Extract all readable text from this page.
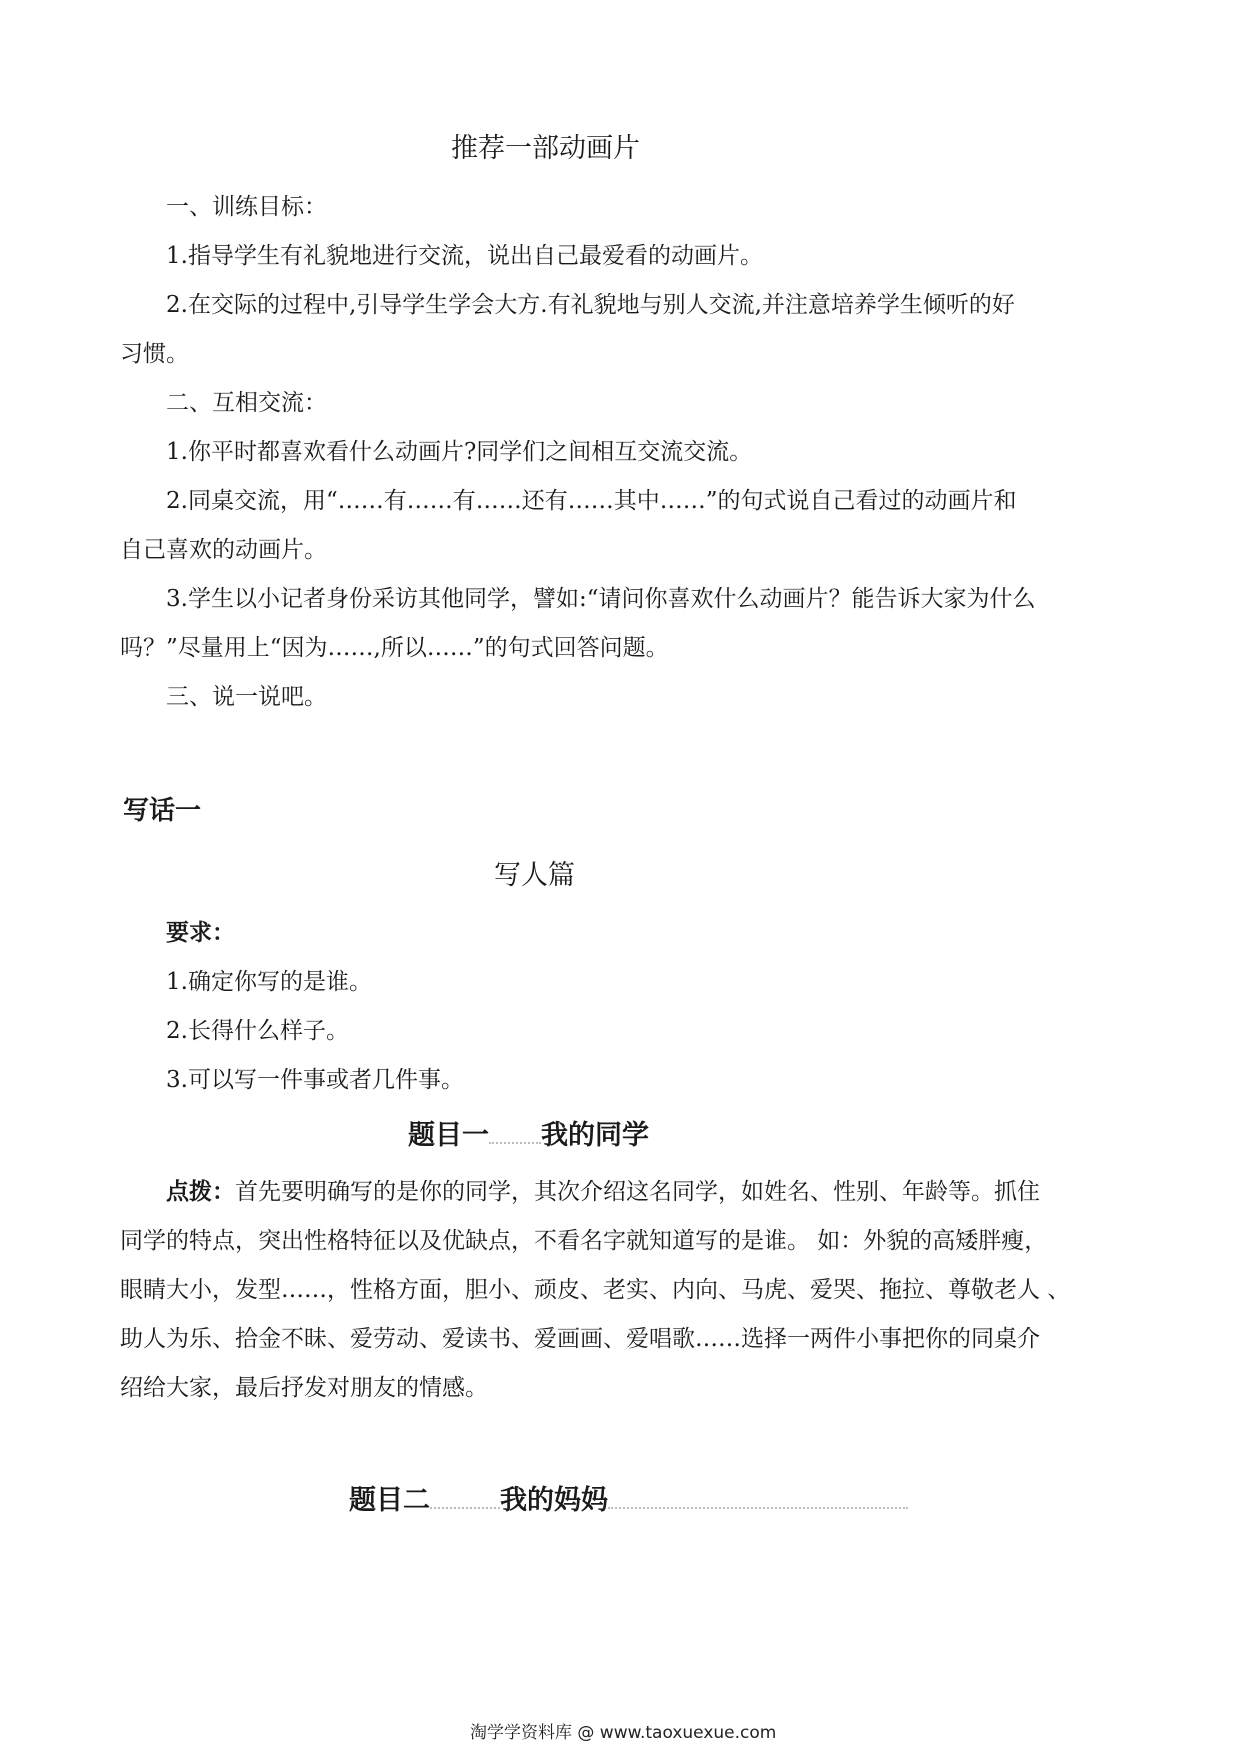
推荐一部动画片
一、训练目标：
1.指导学生有礼貌地进行交流，说出自己最爱看的动画片。
2.在交际的过程中,引导学生学会大方.有礼貌地与别人交流,并注意培养学生倾听的好
习惯。
二、互相交流：
1.你平时都喜欢看什么动画片?同学们之间相互交流交流。
2.同桌交流，用“……有……有……还有……其中……”的句式说自己看过的动画片和
自己喜欢的动画片。
3.学生以小记者身份采访其他同学，譬如:“请问你喜欢什么动画片？能告诉大家为什么
吗？”尽量用上“因为……,所以……”的句式回答问题。
三、说一说吧。
写话一
写人篇
要求：
1.确定你写的是谁。
2.长得什么样子。
3.可以写一件事或者几件事。
题目一 我的同学
点拨：首先要明确写的是你的同学，其次介绍这名同学，如姓名、性别、年龄等。抓住
同学的特点，突出性格特征以及优缺点，不看名字就知道写的是谁。 如：外貌的高矮胖瘦，
眼睛大小，发型……，性格方面，胆小、顽皮、老实、内向、马虎、爱哭、拖拉、尊敬老人 、
助人为乐、拾金不昧、爱劳动、爱读书、爱画画、爱唱歌……选择一两件小事把你的同桌介
绍给大家，最后抒发对朋友的情感。
题目二	我的妈妈
淘学学资料库 @ www.taoxuexue.com
